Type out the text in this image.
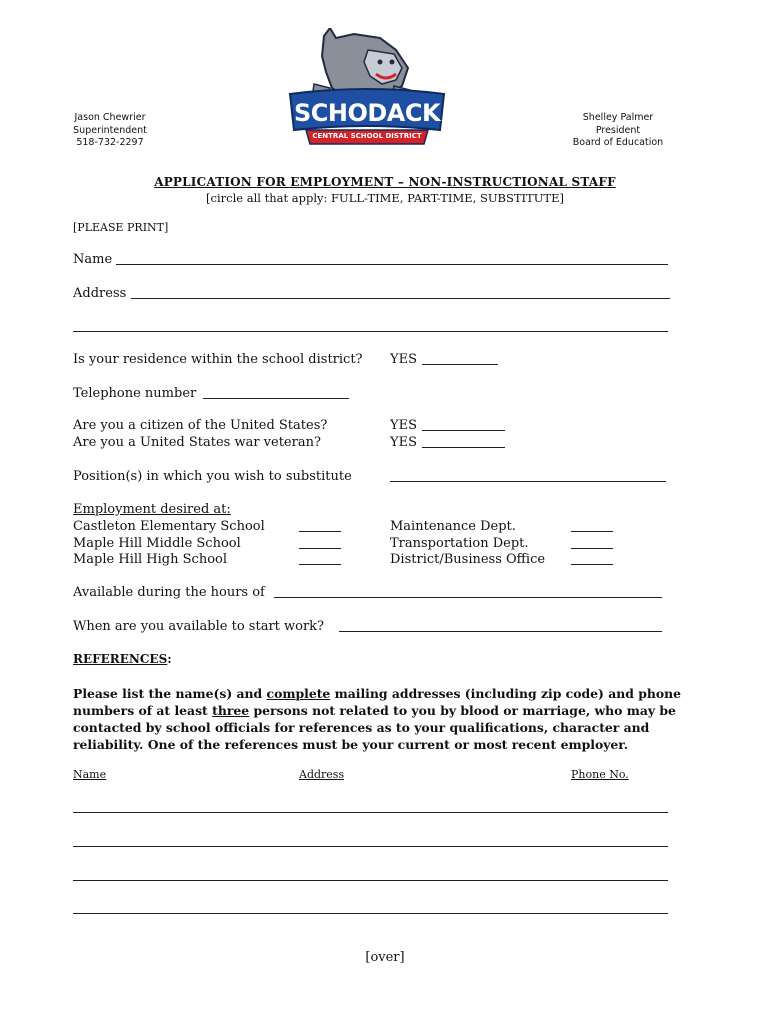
Jason Chewrier
Superintendent
518-732-2297
Shelley Palmer
President
Board of Education
SCHODACK
CENTRAL SCHOOL DISTRICT
APPLICATION FOR EMPLOYMENT – NON-INSTRUCTIONAL STAFF
[circle all that apply: FULL-TIME, PART-TIME, SUBSTITUTE]
[PLEASE PRINT]
Name
Address
Is your residence within the school district? YES
Telephone number
Are you a citizen of the United States?	YES
Are you a United States war veteran?	YES
Position(s) in which you wish to substitute
Employment desired at:
Castleton Elementary School	Maintenance Dept.
Maple Hill Middle School	Transportation Dept.
Maple Hill High School	District/Business Office
Available during the hours of
When are you available to start work?
REFERENCES:
Please list the name(s) and complete mailing addresses (including zip code) and phone numbers of at least three persons not related to you by blood or marriage, who may be contacted by school officials for references as to your qualifications, character and reliability. One of the references must be your current or most recent employer.
Name	Address	Phone No.
[over]
